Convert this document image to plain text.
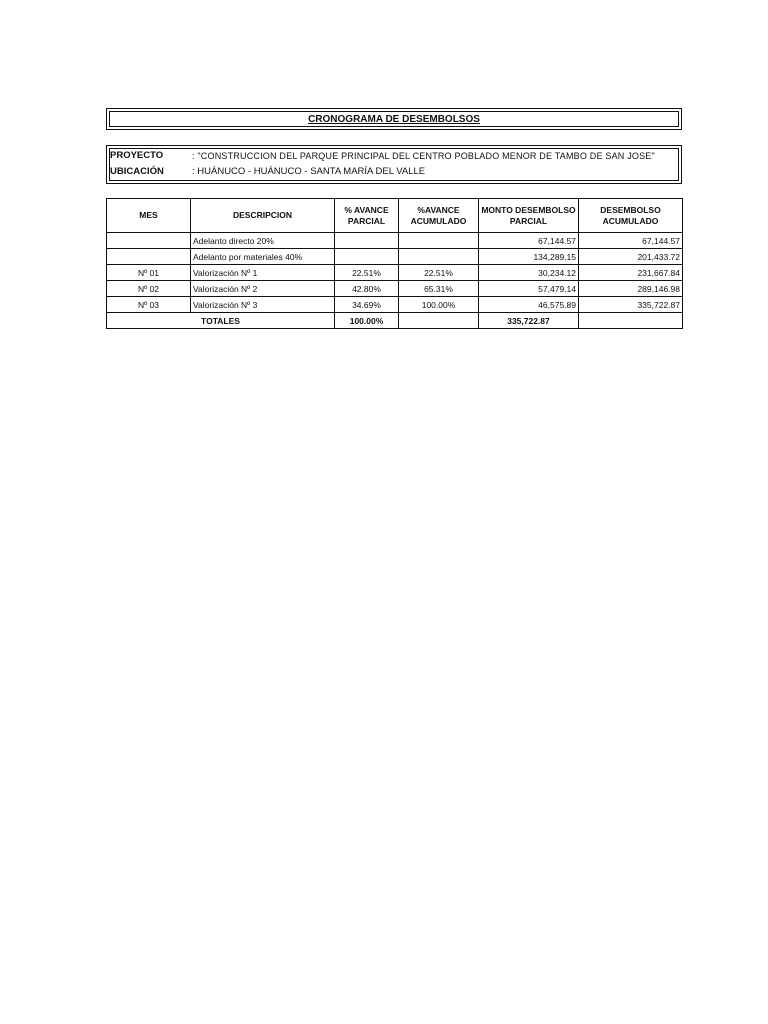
CRONOGRAMA DE DESEMBOLSOS
PROYECTO	: "CONSTRUCCION DEL PARQUE PRINCIPAL DEL CENTRO POBLADO MENOR DE TAMBO DE SAN JOSE"
UBICACIÓN	: HUÁNUCO - HUÁNUCO - SANTA MARÍA DEL VALLE
MES	DESCRIPCION	% AVANCE PARCIAL	%AVANCE ACUMULADO	MONTO DESEMBOLSO PARCIAL	DESEMBOLSO ACUMULADO
	Adelanto directo 20%			67,144.57	67,144.57
	Adelanto por materiales 40%			134,289.15	201,433.72
Nº 01	Valorización Nº 1	22.51%	22.51%	30,234.12	231,667.84
Nº 02	Valorización Nº 2	42.80%	65.31%	57,479.14	289,146.98
Nº 03	Valorización Nº 3	34.69%	100.00%	46,575.89	335,722.87
TOTALES		100.00%		335,722.87	
